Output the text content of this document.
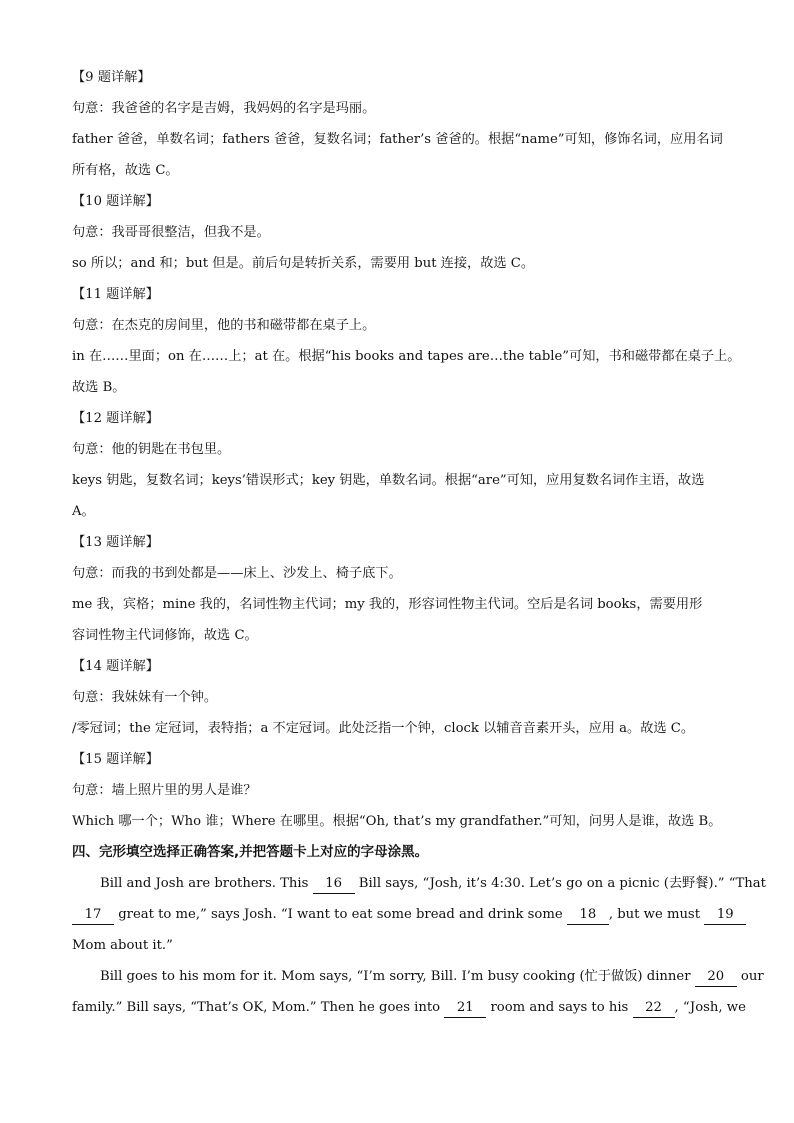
【9 题详解】
句意：我爸爸的名字是吉姆，我妈妈的名字是玛丽。
father 爸爸，单数名词；fathers 爸爸，复数名词；father’s 爸爸的。根据“name”可知，修饰名词，应用名词
所有格，故选 C。
【10 题详解】
句意：我哥哥很整洁，但我不是。
so 所以；and 和；but 但是。前后句是转折关系，需要用 but 连接，故选 C。
【11 题详解】
句意：在杰克的房间里，他的书和磁带都在桌子上。
in 在……里面；on 在……上；at 在。根据“his books and tapes are…the table”可知，书和磁带都在桌子上。
故选 B。
【12 题详解】
句意：他的钥匙在书包里。
keys 钥匙，复数名词；keys’错误形式；key 钥匙，单数名词。根据“are”可知，应用复数名词作主语，故选
A。
【13 题详解】
句意：而我的书到处都是——床上、沙发上、椅子底下。
me 我，宾格；mine 我的，名词性物主代词；my 我的，形容词性物主代词。空后是名词 books，需要用形
容词性物主代词修饰，故选 C。
【14 题详解】
句意：我妹妹有一个钟。
/零冠词；the 定冠词，表特指；a 不定冠词。此处泛指一个钟，clock 以辅音音素开头，应用 a。故选 C。
【15 题详解】
句意：墙上照片里的男人是谁？
Which 哪一个；Who 谁；Where 在哪里。根据“Oh, that’s my grandfather.”可知，问男人是谁，故选 B。
四、完形填空选择正确答案,并把答题卡上对应的字母涂黑。
Bill and Josh are brothers. This 16 Bill says, “Josh, it’s 4:30. Let’s go on a picnic (去野餐).” “That
17 great to me,” says Josh. “I want to eat some bread and drink some 18 , but we must 19
Mom about it.”
Bill goes to his mom for it. Mom says, “I’m sorry, Bill. I’m busy cooking (忙于做饭) dinner 20 our
family.” Bill says, “That’s OK, Mom.” Then he goes into 21 room and says to his 22 , “Josh, we
